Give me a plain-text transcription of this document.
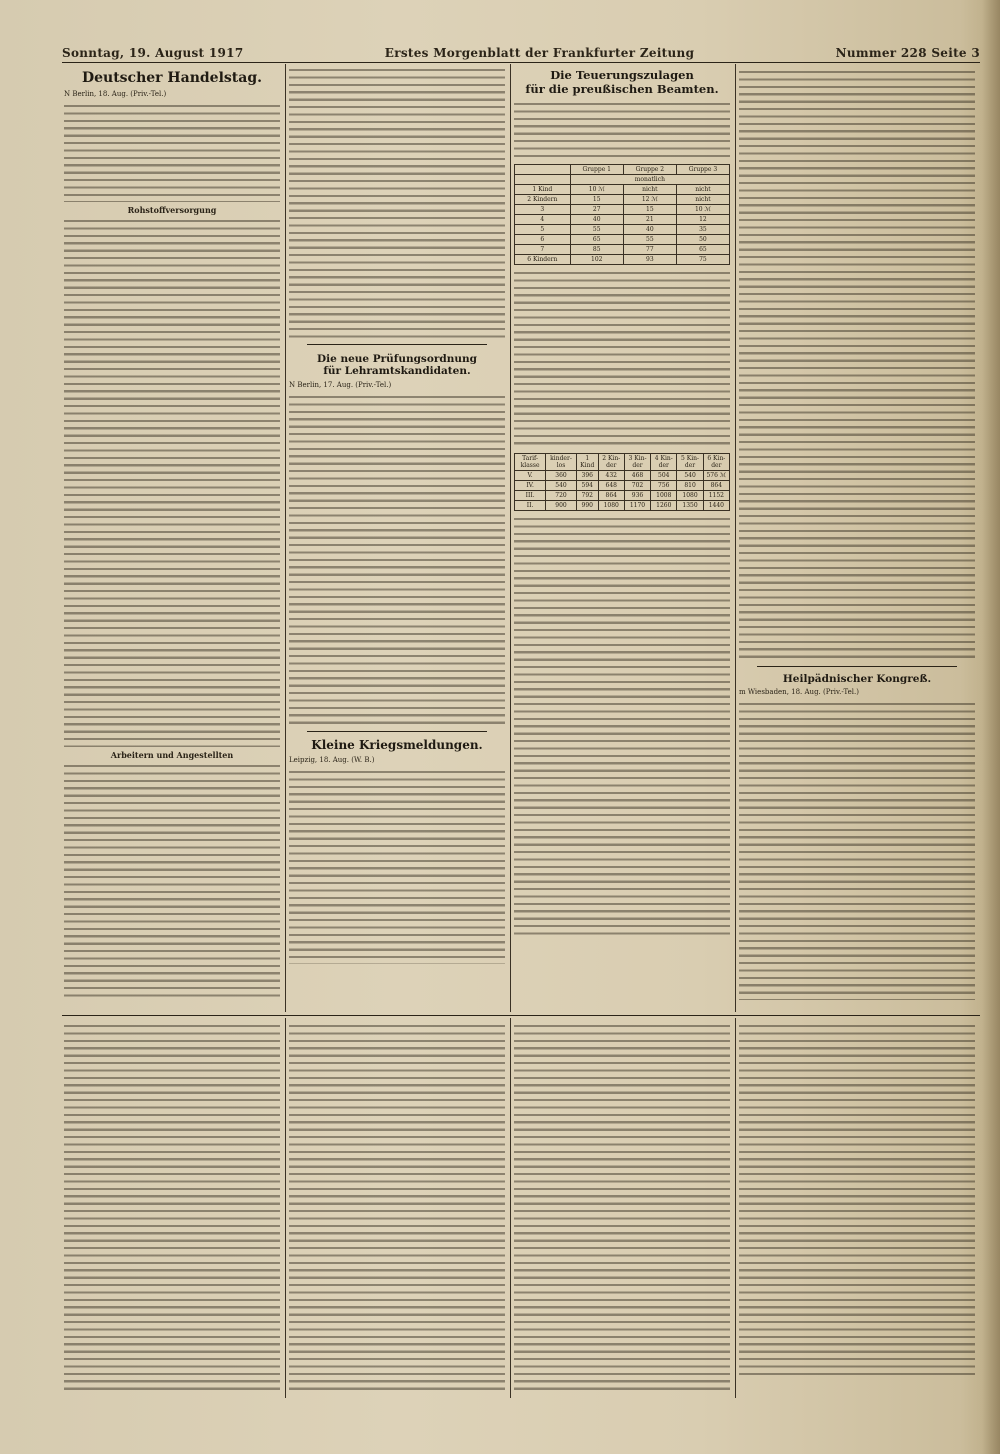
Sonntag, 19. August 1917	Erstes Morgenblatt der Frankfurter Zeitung	Nummer 228 Seite 3
Deutscher Handelstag.
N Berlin, 18. Aug. (Priv.-Tel.)
Rohstoffversorgung
Arbeitern und Angestellten
Die neue Prüfungsordnung
für Lehramtskandidaten.
N Berlin, 17. Aug. (Priv.-Tel.)
Kleine Kriegsmeldungen.
Leipzig, 18. Aug. (W. B.)
Die Teuerungszulagen
für die preußischen Beamten.
	Gruppe 1	Gruppe 2	Gruppe 3
	monatlich		
1 Kind	10 ℳ	nicht	nicht
2 Kindern	15	12 ℳ	nicht
3	27	15	10 ℳ
4	40	21	12
5	55	40	35
6	65	55	50
7	85	77	65
6 Kindern	102	93	75
Tarif-klasse	kinder-los	1 Kind	2 Kin-der	3 Kin-der	4 Kin-der	5 Kin-der	6 Kin-der
V.	360	396	432	468	504	540	576 ℳ
IV.	540	594	648	702	756	810	864
III.	720	792	864	936	1008	1080	1152
II.	900	990	1080	1170	1260	1350	1440
Heilpädnischer Kongreß.
m Wiesbaden, 18. Aug. (Priv.-Tel.)
